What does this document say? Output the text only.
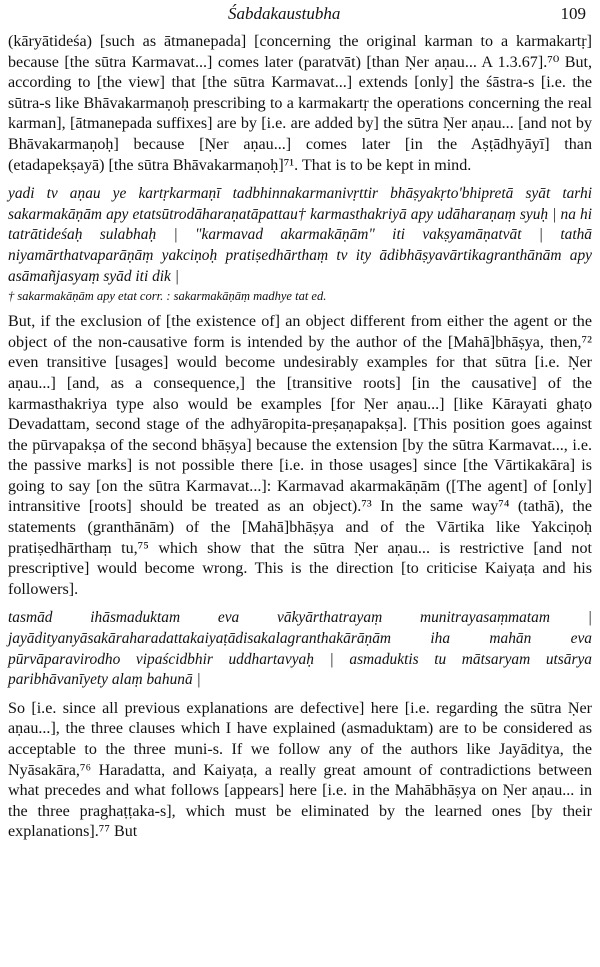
Śabdakaustubha	109

(kāryātideśa) [such as ātmanepada] [concerning the original karman to a karmakartṛ] because [the sūtra Karmavat...] comes later (paratvāt) [than Ṇer aṇau... A 1.3.67].⁷⁰ But, according to [the view] that [the sūtra Karmavat...] extends [only] the śāstra-s [i.e. the sūtra-s like Bhāvakarmaṇoḥ prescribing to a karmakartṛ the operations concerning the real karman], [ātmanepada suffixes] are by [i.e. are added by] the sūtra Ṇer aṇau... [and not by Bhāvakarmaṇoḥ] because [Ṇer aṇau...] comes later [in the Aṣṭādhyāyī] than (etadapekṣayā) [the sūtra Bhāvakarmaṇoḥ]⁷¹. That is to be kept in mind.

yadi tv aṇau ye kartṛkarmaṇī tadbhinnakarmanivṛttir bhāṣyakṛto'bhipretā syāt tarhi sakarmakāṇām apy etatsūtrodāharaṇatāpattau† karmasthakriyā apy udāharaṇaṃ syuḥ | na hi tatrātideśaḥ sulabhaḥ | "karmavad akarmakāṇām" iti vakṣyamāṇatvāt | tathā niyamārthatvaparāṇāṃ yakciṇoḥ pratiṣedhārthaṃ tv ity ādibhāṣyavārtikagranthānām apy asāmañjasyaṃ syād iti dik |

† sakarmakāṇām apy etat corr. : sakarmakāṇāṃ madhye tat ed.

But, if the exclusion of [the existence of] an object different from either the agent or the object of the non-causative form is intended by the author of the [Mahā]bhāṣya, then,⁷² even transitive [usages] would become undesirably examples for that sūtra [i.e. Ṇer aṇau...] [and, as a consequence,] the [transitive roots] [in the causative] of the karmasthakriya type also would be examples [for Ṇer aṇau...] [like Kārayati ghaṭo Devadattam, second stage of the adhyāropita-preṣaṇapakṣa]. [This position goes against the pūrvapakṣa of the second bhāṣya] because the extension [by the sūtra Karmavat..., i.e. the passive marks] is not possible there [i.e. in those usages] since [the Vārtikakāra] is going to say [on the sūtra Karmavat...]: Karmavad akarmakāṇām ([The agent] of [only] intransitive [roots] should be treated as an object).⁷³ In the same way⁷⁴ (tathā), the statements (granthānām) of the [Mahā]bhāṣya and of the Vārtika like Yakciṇoḥ pratiṣedhārthaṃ tu,⁷⁵ which show that the sūtra Ṇer aṇau... is restrictive [and not prescriptive] would become wrong. This is the direction [to criticise Kaiyaṭa and his followers].

tasmād ihāsmaduktam eva vākyārthatrayaṃ munitrayasaṃmatam | jayādityanyāsakāraharadattakaiyaṭādisakalagranthakārāṇām iha mahān eva pūrvāparavirodho vipaścidbhir uddhartavyaḥ | asmaduktis tu mātsaryam utsārya paribhāvanīyety alaṃ bahunā |

So [i.e. since all previous explanations are defective] here [i.e. regarding the sūtra Ṇer aṇau...], the three clauses which I have explained (asmaduktam) are to be considered as acceptable to the three muni-s. If we follow any of the authors like Jayāditya, the Nyāsakāra,⁷⁶ Haradatta, and Kaiyaṭa, a really great amount of contradictions between what precedes and what follows [appears] here [i.e. in the Mahābhāṣya on Ṇer aṇau... in the three praghaṭṭaka-s], which must be eliminated by the learned ones [by their explanations].⁷⁷ But
